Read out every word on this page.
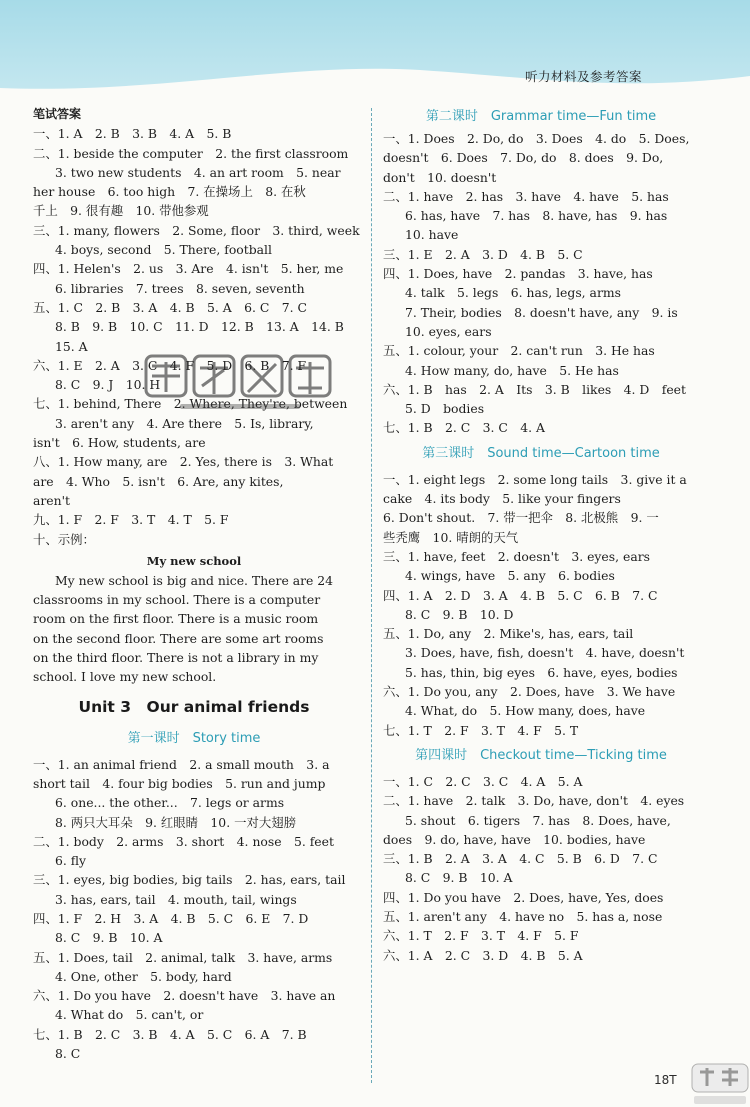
听力材料及参考答案
笔试答案
一、1. A　2. B　3. B　4. A　5. B
二、1. beside the computer　2. the first classroom
3. two new students　4. an art room　5. near
her house　6. too high　7. 在操场上　8. 在秋
千上　9. 很有趣　10. 带他参观
三、1. many, flowers　2. Some, floor　3. third, week
4. boys, second　5. There, football
四、1. Helen's　2. us　3. Are　4. isn't　5. her, me
6. libraries　7. trees　8. seven, seventh
五、1. C　2. B　3. A　4. B　5. A　6. C　7. C
8. B　9. B　10. C　11. D　12. B　13. A　14. B
15. A
六、1. E　2. A　3. C　4. F　5. D　6. B　7. F
8. C　9. J　10. H
七、1. behind, There　2. Where, They're, between
3. aren't any　4. Are there　5. Is, library,
isn't　6. How, students, are
八、1. How many, are　2. Yes, there is　3. What
are　4. Who　5. isn't　6. Are, any kites,
aren't
九、1. F　2. F　3. T　4. T　5. F
十、示例：
My new school
My new school is big and nice. There are 24
classrooms in my school. There is a computer
room on the first floor. There is a music room
on the second floor. There are some art rooms
on the third floor. There is not a library in my
school. I love my new school.
Unit 3　Our animal friends
第一课时　Story time
一、1. an animal friend　2. a small mouth　3. a
short tail　4. four big bodies　5. run and jump
6. one... the other...　7. legs or arms
8. 两只大耳朵　9. 红眼睛　10. 一对大翅膀
二、1. body　2. arms　3. short　4. nose　5. feet
6. fly
三、1. eyes, big bodies, big tails　2. has, ears, tail
3. has, ears, tail　4. mouth, tail, wings
四、1. F　2. H　3. A　4. B　5. C　6. E　7. D
8. C　9. B　10. A
五、1. Does, tail　2. animal, talk　3. have, arms
4. One, other　5. body, hard
六、1. Do you have　2. doesn't have　3. have an
4. What do　5. can't, or
七、1. B　2. C　3. B　4. A　5. C　6. A　7. B
8. C
第二课时　Grammar time—Fun time
一、1. Does　2. Do, do　3. Does　4. do　5. Does,
doesn't　6. Does　7. Do, do　8. does　9. Do,
don't　10. doesn't
二、1. have　2. has　3. have　4. have　5. has
6. has, have　7. has　8. have, has　9. has
10. have
三、1. E　2. A　3. D　4. B　5. C
四、1. Does, have　2. pandas　3. have, has
4. talk　5. legs　6. has, legs, arms
7. Their, bodies　8. doesn't have, any　9. is
10. eyes, ears
五、1. colour, your　2. can't run　3. He has
4. How many, do, have　5. He has
六、1. B　has　2. A　Its　3. B　likes　4. D　feet
5. D　bodies
七、1. B　2. C　3. C　4. A
第三课时　Sound time—Cartoon time
一、1. eight legs　2. some long tails　3. give it a
cake　4. its body　5. like your fingers
6. Don't shout.　7. 带一把伞　8. 北极熊　9. 一
些秃鹰　10. 晴朗的天气
三、1. have, feet　2. doesn't　3. eyes, ears
4. wings, have　5. any　6. bodies
四、1. A　2. D　3. A　4. B　5. C　6. B　7. C
8. C　9. B　10. D
五、1. Do, any　2. Mike's, has, ears, tail
3. Does, have, fish, doesn't　4. have, doesn't
5. has, thin, big eyes　6. have, eyes, bodies
六、1. Do you, any　2. Does, have　3. We have
4. What, do　5. How many, does, have
七、1. T　2. F　3. T　4. F　5. T
第四课时　Checkout time—Ticking time
一、1. C　2. C　3. C　4. A　5. A
二、1. have　2. talk　3. Do, have, don't　4. eyes
5. shout　6. tigers　7. has　8. Does, have,
does　9. do, have, have　10. bodies, have
三、1. B　2. A　3. A　4. C　5. B　6. D　7. C
8. C　9. B　10. A
四、1. Do you have　2. Does, have, Yes, does
五、1. aren't any　4. have no　5. has a, nose
六、1. T　2. F　3. T　4. F　5. F
六、1. A　2. C　3. D　4. B　5. A
18T
